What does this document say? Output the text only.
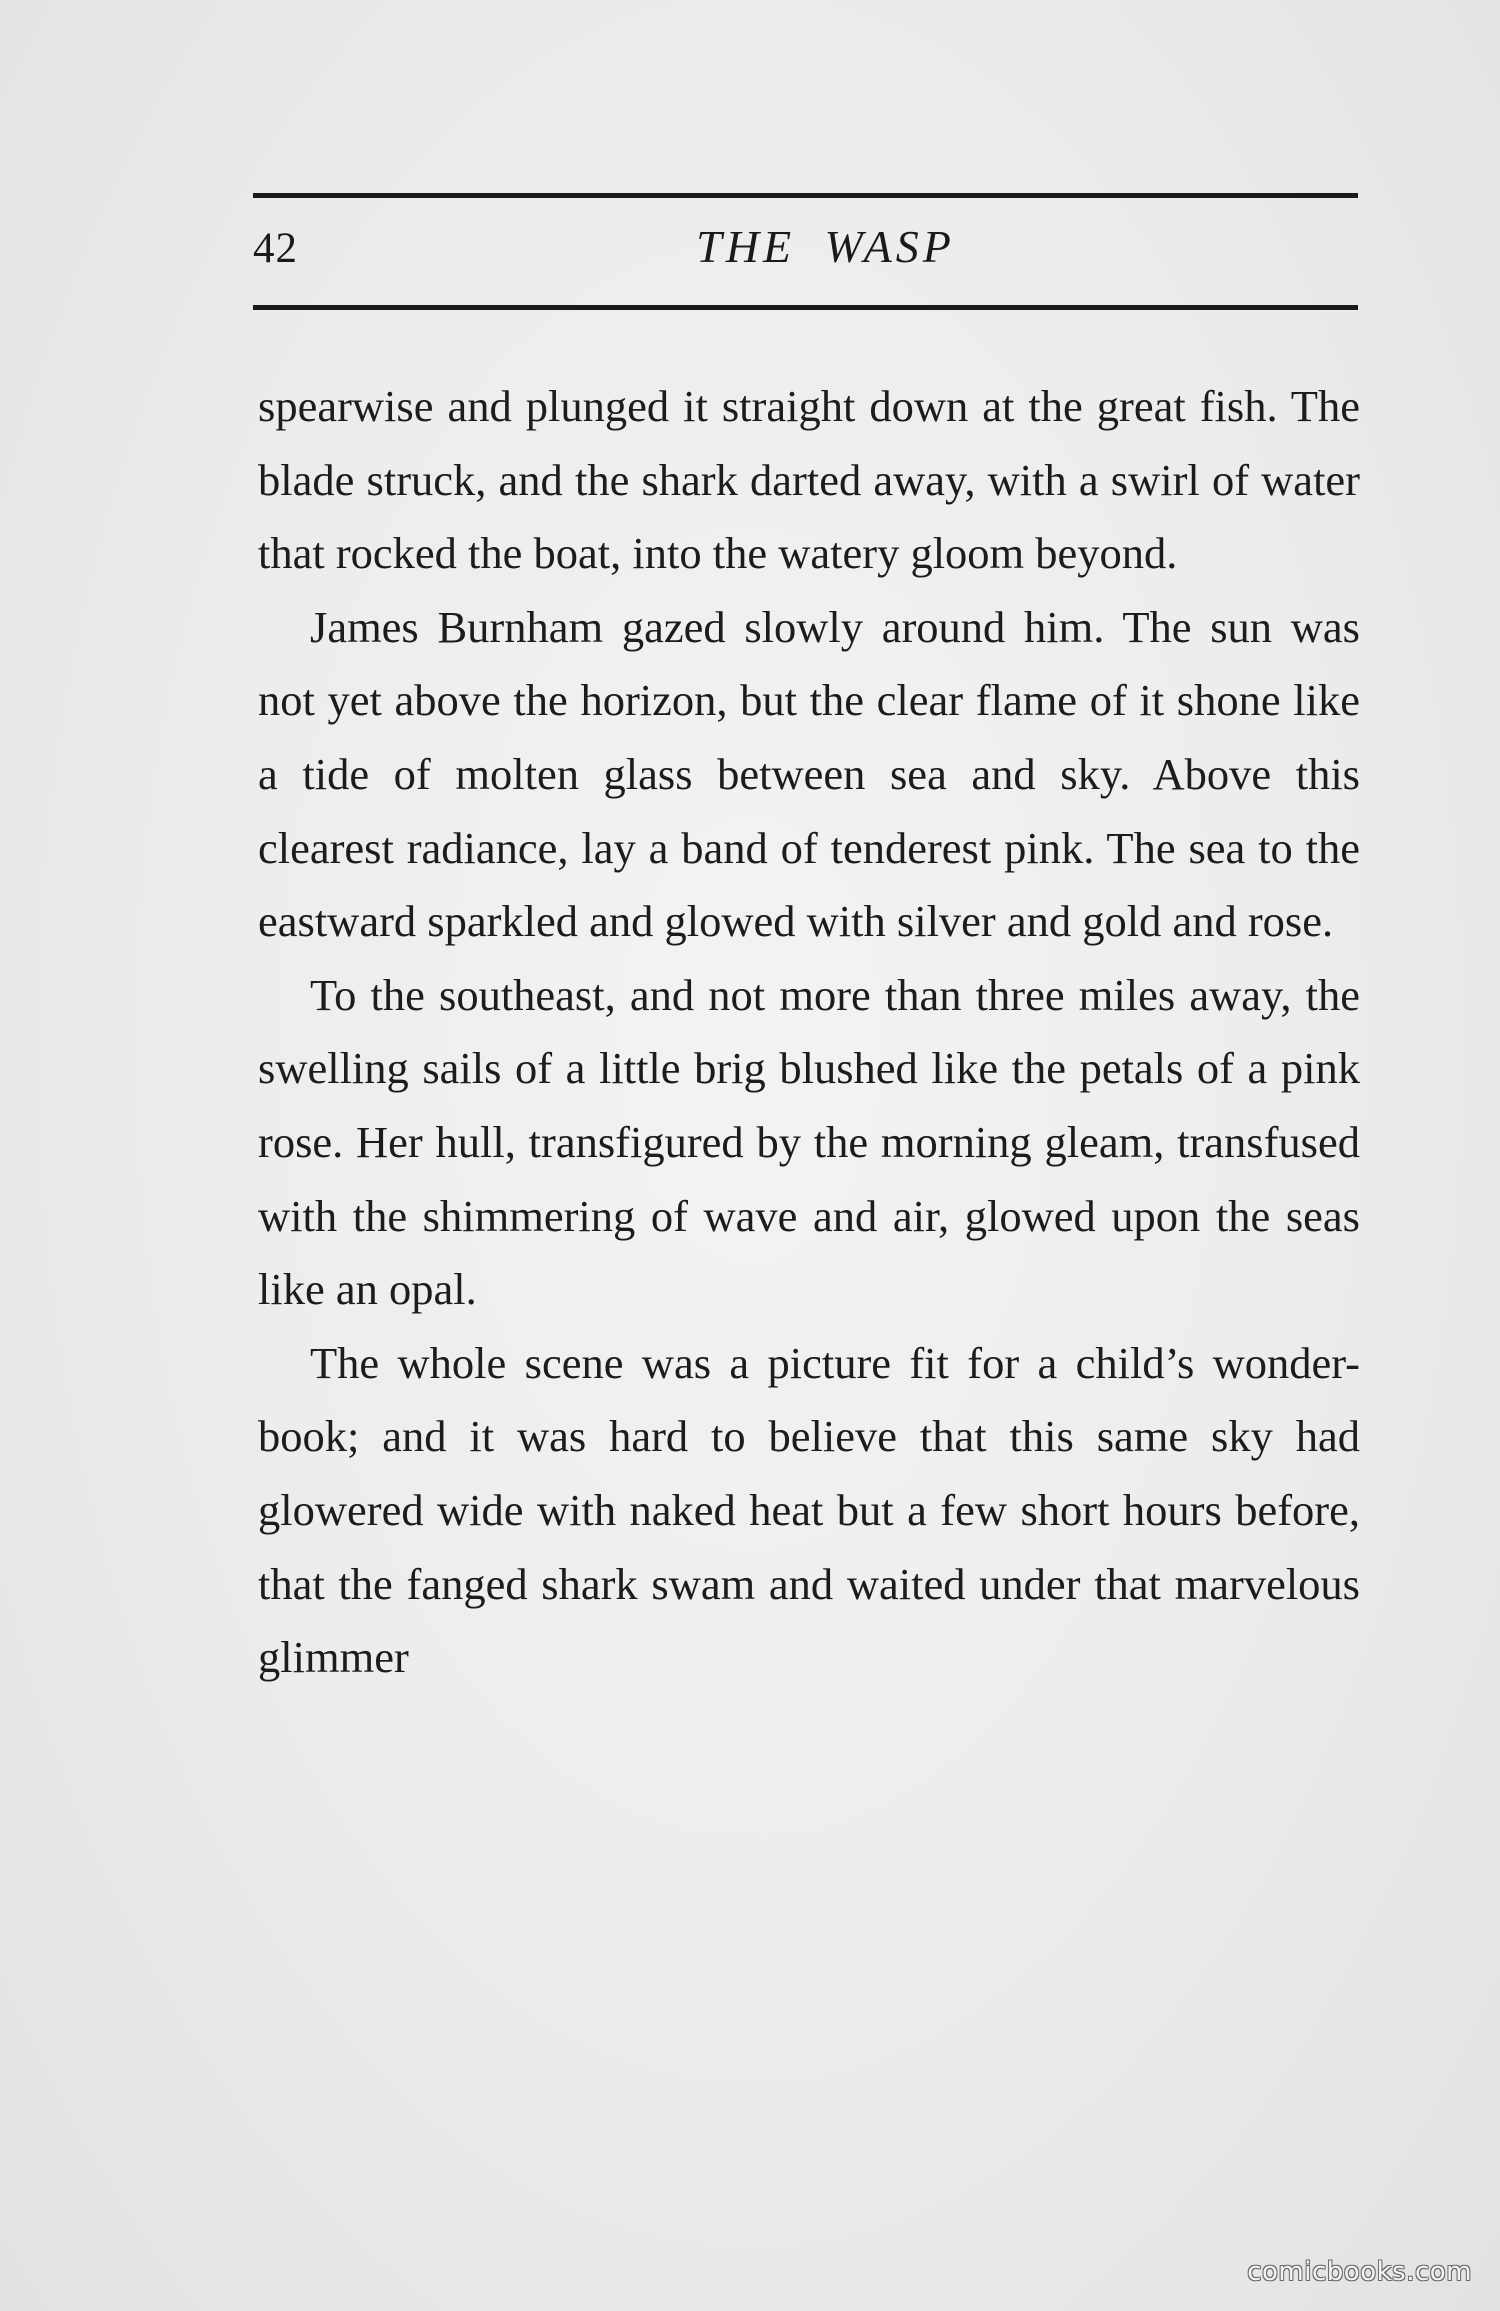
42	THE WASP

spearwise and plunged it straight down at the great fish. The blade struck, and the shark darted away, with a swirl of water that rocked the boat, into the watery gloom beyond.

James Burnham gazed slowly around him. The sun was not yet above the horizon, but the clear flame of it shone like a tide of molten glass between sea and sky. Above this clearest radiance, lay a band of tenderest pink. The sea to the eastward sparkled and glowed with silver and gold and rose.

To the southeast, and not more than three miles away, the swelling sails of a little brig blushed like the petals of a pink rose. Her hull, transfigured by the morning gleam, transfused with the shimmering of wave and air, glowed upon the seas like an opal.

The whole scene was a picture fit for a child’s wonder-book; and it was hard to believe that this same sky had glowered wide with naked heat but a few short hours before, that the fanged shark swam and waited under that marvelous glimmer

comicbooks.com
